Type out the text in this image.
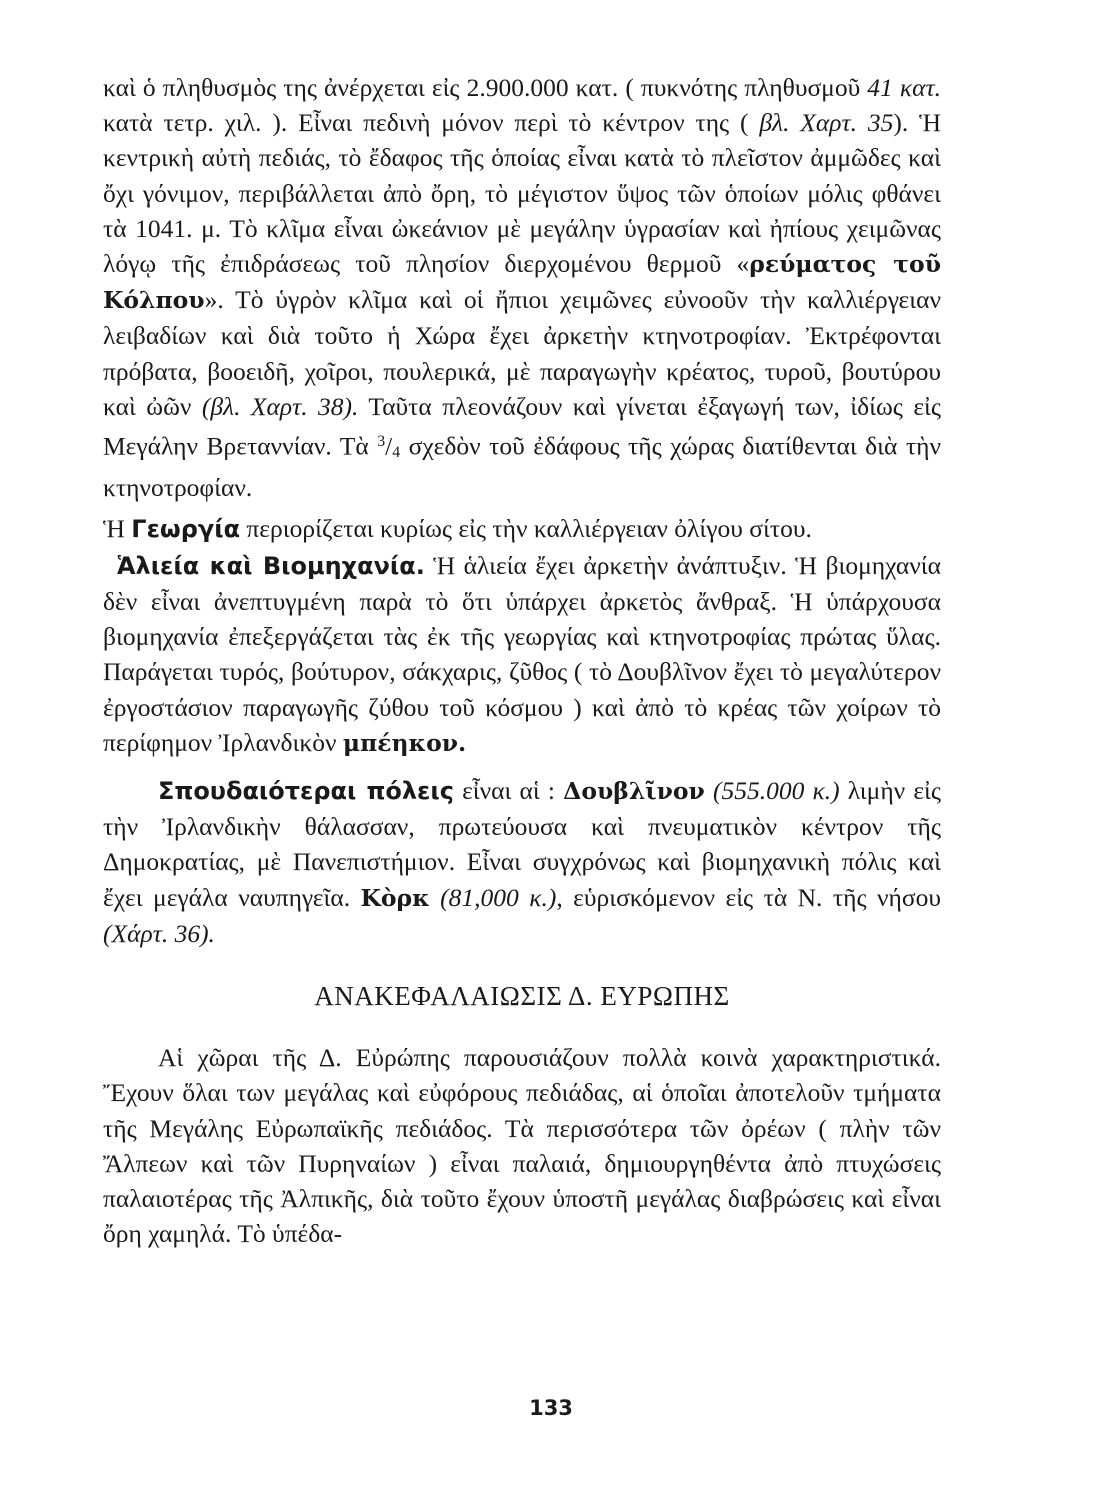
καὶ ὁ πληθυσμὸς της ἀνέρχεται εἰς 2.900.000 κατ. ( πυκνότης πληθυσμοῦ 41 κατ. κατὰ τετρ. χιλ. ). Εἶναι πεδινὴ μόνον περὶ τὸ κέντρον της ( βλ. Χαρτ. 35). Ἡ κεντρικὴ αὐτὴ πεδιάς, τὸ ἔδαφος τῆς ὁποίας εἶναι κατὰ τὸ πλεῖστον ἀμμῶδες καὶ ὄχι γόνιμον, περιβάλλεται ἀπὸ ὄρη, τὸ μέγιστον ὕψος τῶν ὁποίων μόλις φθάνει τὰ 1041. μ. Τὸ κλῖμα εἶναι ὠκεάνιον μὲ μεγάλην ὑγρασίαν καὶ ἠπίους χειμῶνας λόγῳ τῆς ἐπιδράσεως τοῦ πλησίον διερχομένου θερμοῦ «ρεύματος τοῦ Κόλπου». Τὸ ὑγρὸν κλῖμα καὶ οἱ ἤπιοι χειμῶνες εὐνοοῦν τὴν καλλιέργειαν λειβαδίων καὶ διὰ τοῦτο ἡ Χώρα ἔχει ἀρκετὴν κτηνοτροφίαν. Ἐκτρέφονται πρόβατα, βοοειδῆ, χοῖροι, πουλερικά, μὲ παραγωγὴν κρέατος, τυροῦ, βουτύρου καὶ ὠῶν (βλ. Χαρτ. 38). Ταῦτα πλεονάζουν καὶ γίνεται ἐξαγωγή των, ἰδίως εἰς Μεγάλην Βρεταννίαν. Τὰ $^3$/4 σχεδὸν τοῦ ἐδάφους τῆς χώρας διατίθενται διὰ τὴν κτηνοτροφίαν.

Ἡ Γεωργία περιορίζεται κυρίως εἰς τὴν καλλιέργειαν ὀλίγου σίτου.

Ἁλιεία καὶ Βιομηχανία. Ἡ ἁλιεία ἔχει ἀρκετὴν ἀνάπτυξιν. Ἡ βιομηχανία δὲν εἶναι ἀνεπτυγμένη παρὰ τὸ ὅτι ὑπάρχει ἀρκετὸς ἄνθραξ. Ἡ ὑπάρχουσα βιομηχανία ἐπεξεργάζεται τὰς ἐκ τῆς γεωργίας καὶ κτηνοτροφίας πρώτας ὕλας. Παράγεται τυρός, βούτυρον, σάκχαρις, ζῦθος ( τὸ Δουβλῖνον ἔχει τὸ μεγαλύτερον ἐργοστάσιον παραγωγῆς ζύθου τοῦ κόσμου ) καὶ ἀπὸ τὸ κρέας τῶν χοίρων τὸ περίφημον Ἰρλανδικὸν μπέηκον.

Σπουδαιότεραι πόλεις εἶναι αἱ : Δουβλῖνον (555.000 κ.) λιμὴν εἰς τὴν Ἰρλανδικὴν θάλασσαν, πρωτεύουσα καὶ πνευματικὸν κέντρον τῆς Δημοκρατίας, μὲ Πανεπιστήμιον. Εἶναι συγχρόνως καὶ βιομηχανικὴ πόλις καὶ ἔχει μεγάλα ναυπηγεῖα. Κὸρκ (81,000 κ.), εὑρισκόμενον εἰς τὰ Ν. τῆς νήσου (Χάρτ. 36).

ΑΝΑΚΕΦΑΛΑΙΩΣΙΣ Δ. ΕΥΡΩΠΗΣ

Αἱ χῶραι τῆς Δ. Εὐρώπης παρουσιάζουν πολλὰ κοινὰ χαρακτηριστικά. Ἔχουν ὅλαι των μεγάλας καὶ εὐφόρους πεδιάδας, αἱ ὁποῖαι ἀποτελοῦν τμήματα τῆς Μεγάλης Εὐρωπαϊκῆς πεδιάδος. Τὰ περισσότερα τῶν ὀρέων ( πλὴν τῶν Ἄλπεων καὶ τῶν Πυρηναίων ) εἶναι παλαιά, δημιουργηθέντα ἀπὸ πτυχώσεις παλαιοτέρας τῆς Ἀλπικῆς, διὰ τοῦτο ἔχουν ὑποστῆ μεγάλας διαβρώσεις καὶ εἶναι ὄρη χαμηλά. Τὸ ὑπέδα-

133
